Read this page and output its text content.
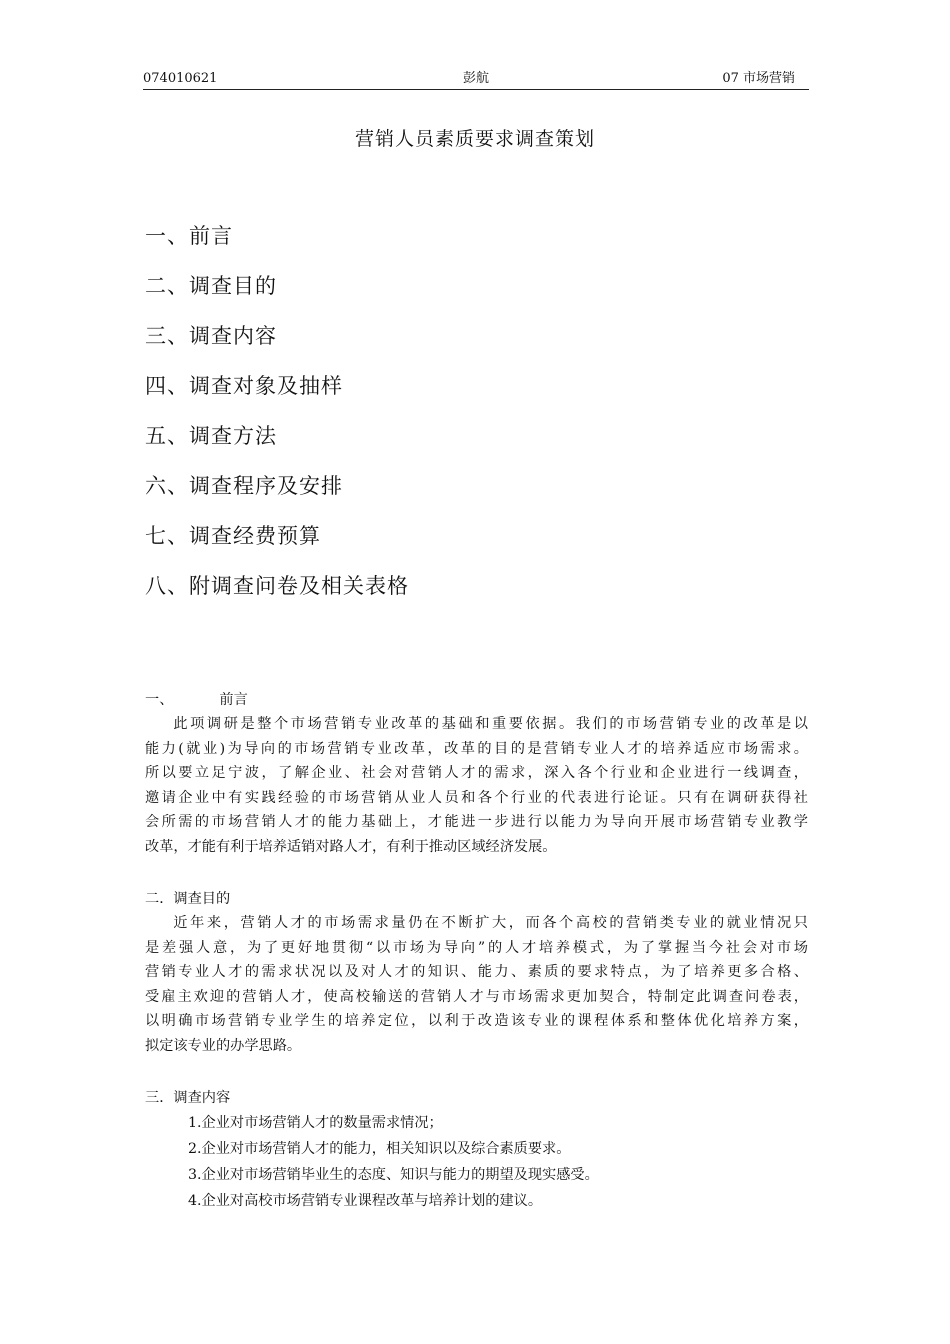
074010621	彭航	07 市场营销
营销人员素质要求调查策划
一、前言
二、调查目的
三、调查内容
四、调查对象及抽样
五、调查方法
六、调查程序及安排
七、调查经费预算
八、附调查问卷及相关表格
一、	前言
此项调研是整个市场营销专业改革的基础和重要依据。我们的市场营销专业的改革是以
能力(就业)为导向的市场营销专业改革，改革的目的是营销专业人才的培养适应市场需求。
所以要立足宁波，了解企业、社会对营销人才的需求，深入各个行业和企业进行一线调查，
邀请企业中有实践经验的市场营销从业人员和各个行业的代表进行论证。只有在调研获得社
会所需的市场营销人才的能力基础上，才能进一步进行以能力为导向开展市场营销专业教学
改革，才能有利于培养适销对路人才，有利于推动区域经济发展。
二．调查目的
近年来，营销人才的市场需求量仍在不断扩大，而各个高校的营销类专业的就业情况只
是差强人意，为了更好地贯彻“以市场为导向”的人才培养模式，为了掌握当今社会对市场
营销专业人才的需求状况以及对人才的知识、能力、素质的要求特点，为了培养更多合格、
受雇主欢迎的营销人才，使高校输送的营销人才与市场需求更加契合，特制定此调查问卷表，
以明确市场营销专业学生的培养定位，以利于改造该专业的课程体系和整体优化培养方案，
拟定该专业的办学思路。
三．调查内容
1.企业对市场营销人才的数量需求情况；
2.企业对市场营销人才的能力，相关知识以及综合素质要求。
3.企业对市场营销毕业生的态度、知识与能力的期望及现实感受。
4.企业对高校市场营销专业课程改革与培养计划的建议。
